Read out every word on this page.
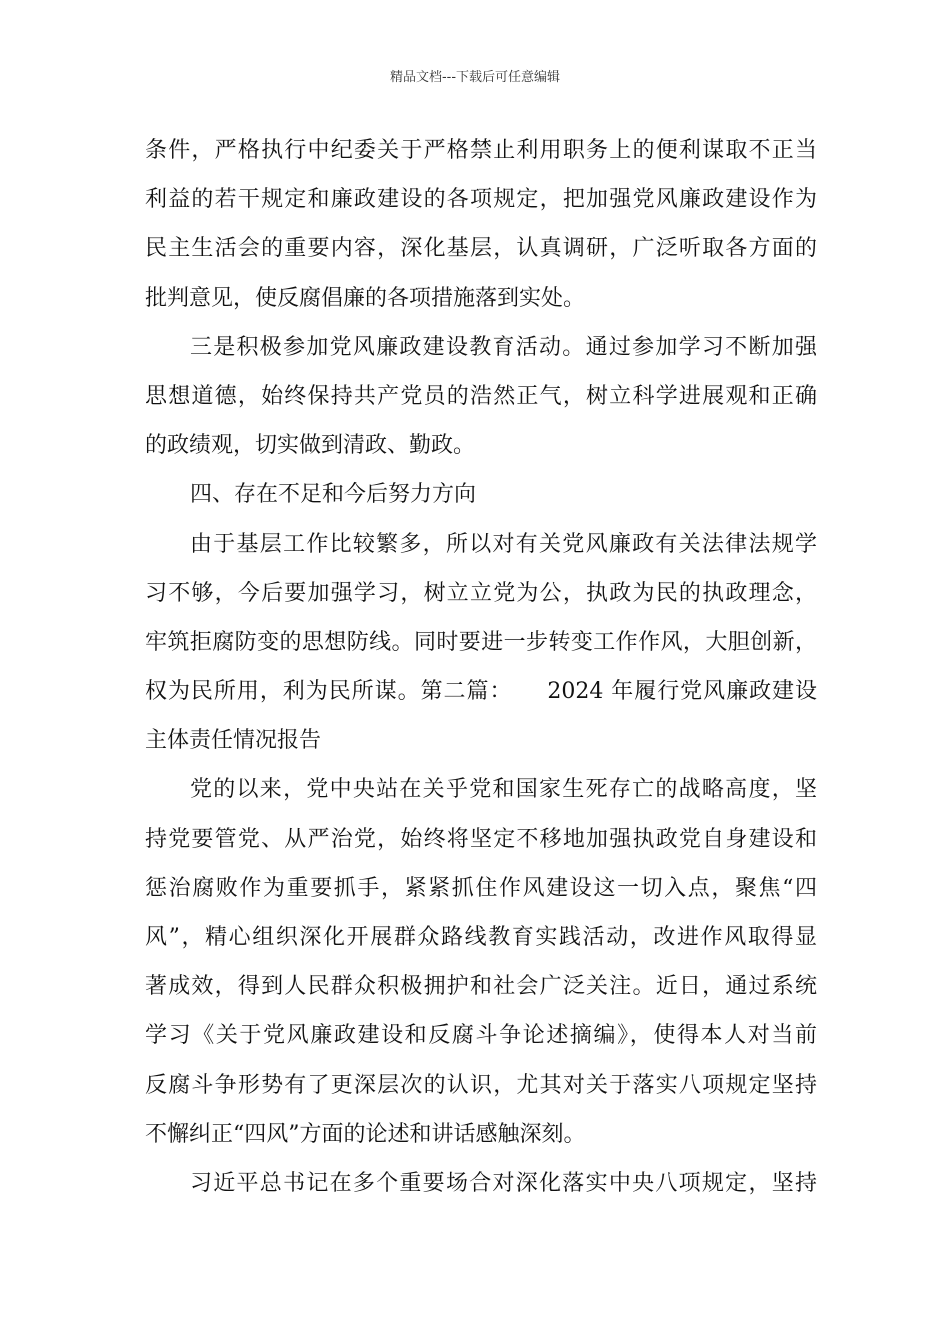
精品文档---下载后可任意编辑
条件，严格执行中纪委关于严格禁止利用职务上的便利谋取不正当
利益的若干规定和廉政建设的各项规定，把加强党风廉政建设作为
民主生活会的重要内容，深化基层，认真调研，广泛听取各方面的
批判意见，使反腐倡廉的各项措施落到实处。
三是积极参加党风廉政建设教育活动。通过参加学习不断加强
思想道德，始终保持共产党员的浩然正气，树立科学进展观和正确
的政绩观，切实做到清政、勤政。
四、存在不足和今后努力方向
由于基层工作比较繁多，所以对有关党风廉政有关法律法规学
习不够，今后要加强学习，树立立党为公，执政为民的执政理念，
牢筑拒腐防变的思想防线。同时要进一步转变工作作风，大胆创新，
权为民所用，利为民所谋。第二篇：　　2024 年履行党风廉政建设
主体责任情况报告
党的以来，党中央站在关乎党和国家生死存亡的战略高度，坚
持党要管党、从严治党，始终将坚定不移地加强执政党自身建设和
惩治腐败作为重要抓手，紧紧抓住作风建设这一切入点，聚焦“四
风”，精心组织深化开展群众路线教育实践活动，改进作风取得显
著成效，得到人民群众积极拥护和社会广泛关注。近日，通过系统
学习《关于党风廉政建设和反腐斗争论述摘编》，使得本人对当前
反腐斗争形势有了更深层次的认识，尤其对关于落实八项规定坚持
不懈纠正“四风”方面的论述和讲话感触深刻。
习近平总书记在多个重要场合对深化落实中央八项规定，坚持
